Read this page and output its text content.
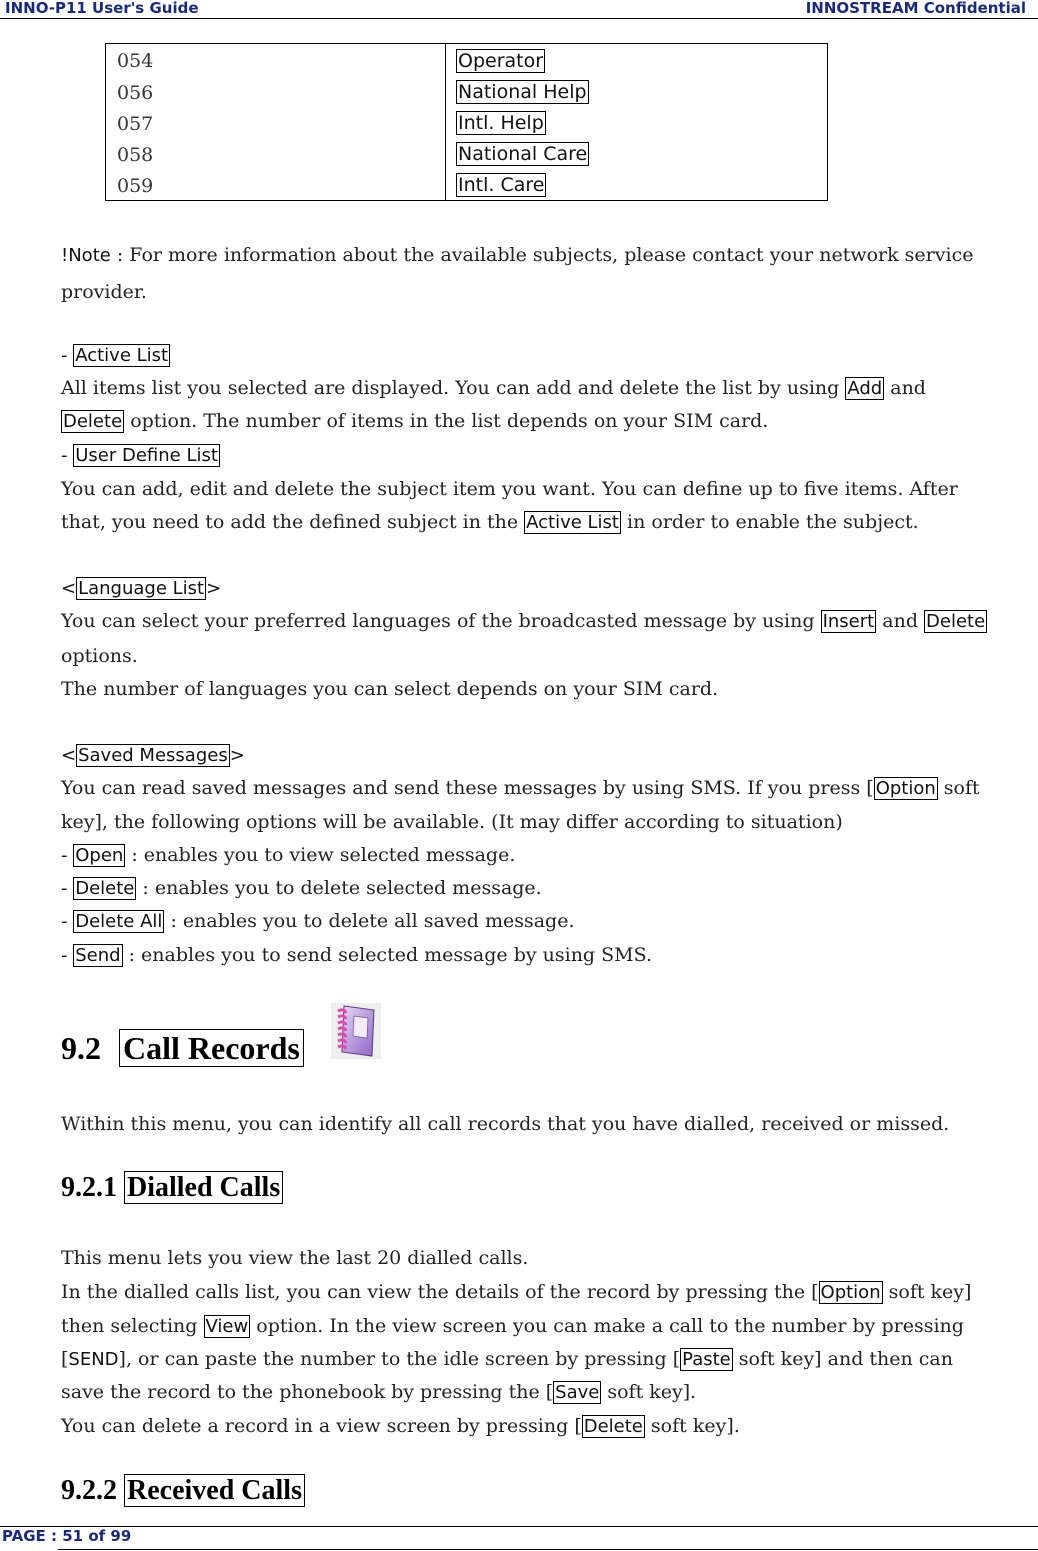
INNO-P11 User's Guide	INNOSTREAM Confidential
054
056
057
058
059
Operator
National Help
Intl. Help
National Care
Intl. Care
!Note : For more information about the available subjects, please contact your network service
provider.
- Active List
All items list you selected are displayed. You can add and delete the list by using Add and
Delete option. The number of items in the list depends on your SIM card.
- User Define List
You can add, edit and delete the subject item you want. You can define up to five items. After
that, you need to add the defined subject in the Active List in order to enable the subject.
< Language List >
You can select your preferred languages of the broadcasted message by using Insert and Delete
options.
The number of languages you can select depends on your SIM card.
< Saved Messages >
You can read saved messages and send these messages by using SMS. If you press [ Option soft
key], the following options will be available. (It may differ according to situation)
- Open : enables you to view selected message.
- Delete : enables you to delete selected message.
- Delete All : enables you to delete all saved message.
- Send : enables you to send selected message by using SMS.
9.2 Call Records
Within this menu, you can identify all call records that you have dialled, received or missed.
9.2.1 Dialled Calls
This menu lets you view the last 20 dialled calls.
In the dialled calls list, you can view the details of the record by pressing the [ Option soft key]
then selecting View option. In the view screen you can make a call to the number by pressing
[SEND], or can paste the number to the idle screen by pressing [ Paste soft key] and then can
save the record to the phonebook by pressing the [ Save soft key].
You can delete a record in a view screen by pressing [ Delete soft key].
9.2.2 Received Calls
PAGE : 51 of 99
